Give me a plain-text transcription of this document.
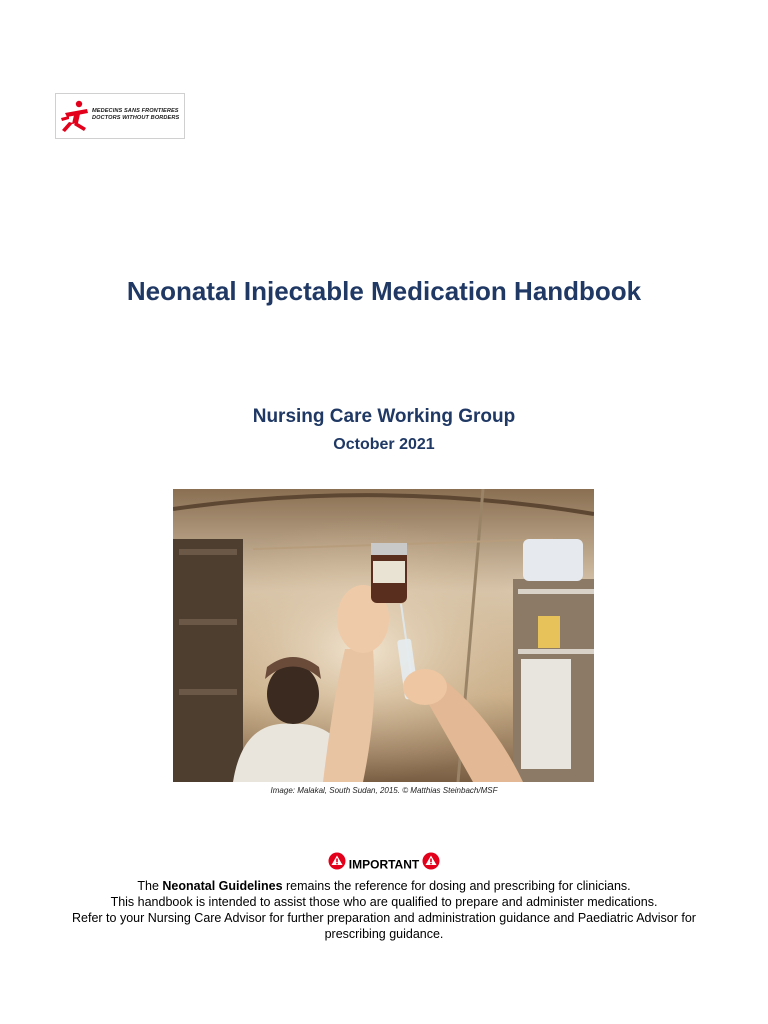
MEDECINS SANS FRONTIERES
DOCTORS WITHOUT BORDERS
Neonatal Injectable Medication Handbook
Nursing Care Working Group
October 2021
Image: Malakal, South Sudan, 2015. © Matthias Steinbach/MSF
IMPORTANT

The Neonatal Guidelines remains the reference for dosing and prescribing for clinicians.

This handbook is intended to assist those who are qualified to prepare and administer medications.

Refer to your Nursing Care Advisor for further preparation and administration guidance and Paediatric Advisor for prescribing guidance.
